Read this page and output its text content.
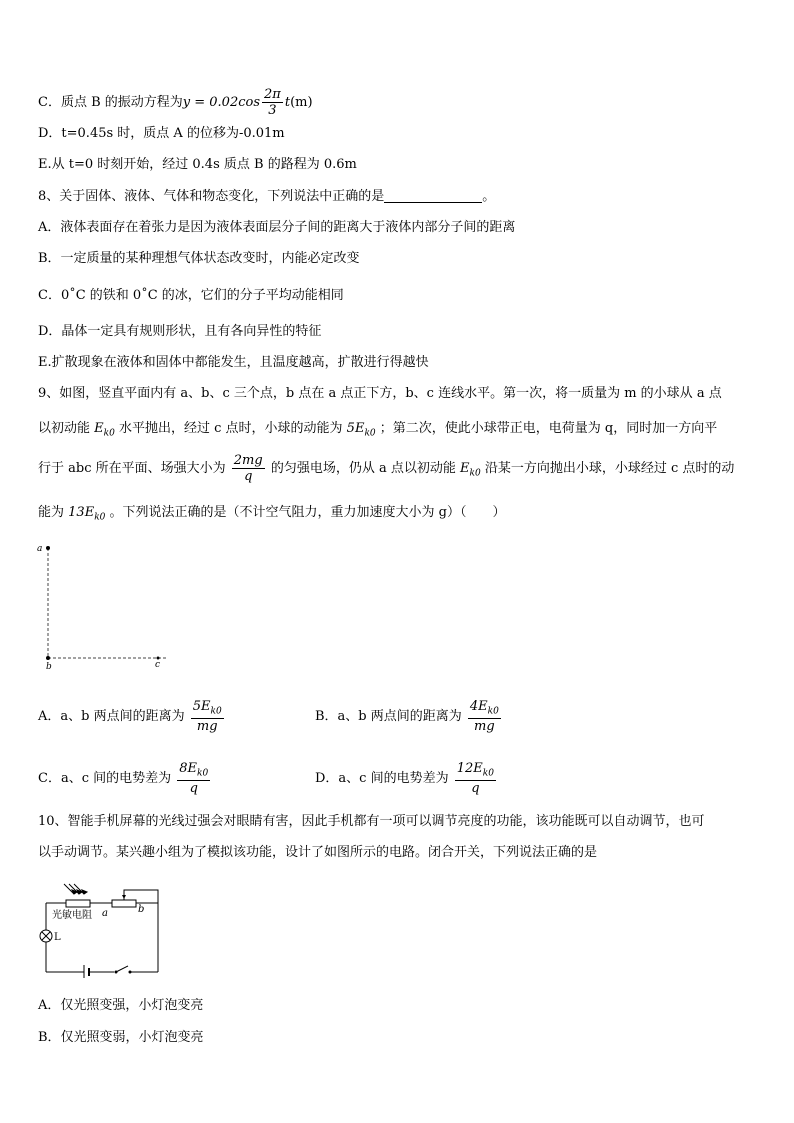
C．质点 B 的振动方程为$y = 0.02\cos \frac{2\pi}{3} t(m)$
D．t=0.45s 时，质点 A 的位移为-0.01m
E.从 t=0 时刻开始，经过 0.4s 质点 B 的路程为 0.6m
8、关于固体、液体、气体和物态变化，下列说法中正确的是	。
A．液体表面存在着张力是因为液体表面层分子间的距离大于液体内部分子间的距离
B．一定质量的某种理想气体状态改变时，内能必定改变
C．0˚C 的铁和 0˚C 的冰，它们的分子平均动能相同
D．晶体一定具有规则形状，且有各向异性的特征
E.扩散现象在液体和固体中都能发生，且温度越高，扩散进行得越快
9、如图，竖直平面内有 a、b、c 三个点，b 点在 a 点正下方，b、c 连线水平。第一次，将一质量为 m 的小球从 a 点
以初动能 $E_{k0}$ 水平抛出，经过 c 点时，小球的动能为 $5E_{k0}$ ；第二次，使此小球带正电，电荷量为 q，同时加一方向平
行于 abc 所在平面、场强大小为 $\frac{2mg}{q}$ 的匀强电场，仍从 a 点以初动能 $E_{k0}$ 沿某一方向抛出小球，小球经过 c 点时的动
能为 $13E_{k0}$ 。下列说法正确的是（不计空气阻力，重力加速度大小为 g）（　　）
a
b	c
A．a、b 两点间的距离为 $\frac{5E_{k0}}{mg}$	B．a、b 两点间的距离为 $\frac{4E_{k0}}{mg}$
C．a、c 间的电势差为 $\frac{8E_{k0}}{q}$	D．a、c 间的电势差为 $\frac{12E_{k0}}{q}$
10、智能手机屏幕的光线过强会对眼睛有害，因此手机都有一项可以调节亮度的功能，该功能既可以自动调节，也可
以手动调节。某兴趣小组为了模拟该功能，设计了如图所示的电路。闭合开关，下列说法正确的是
光敏电阻
L
a	b
A．仅光照变强，小灯泡变亮
B．仅光照变弱，小灯泡变亮
